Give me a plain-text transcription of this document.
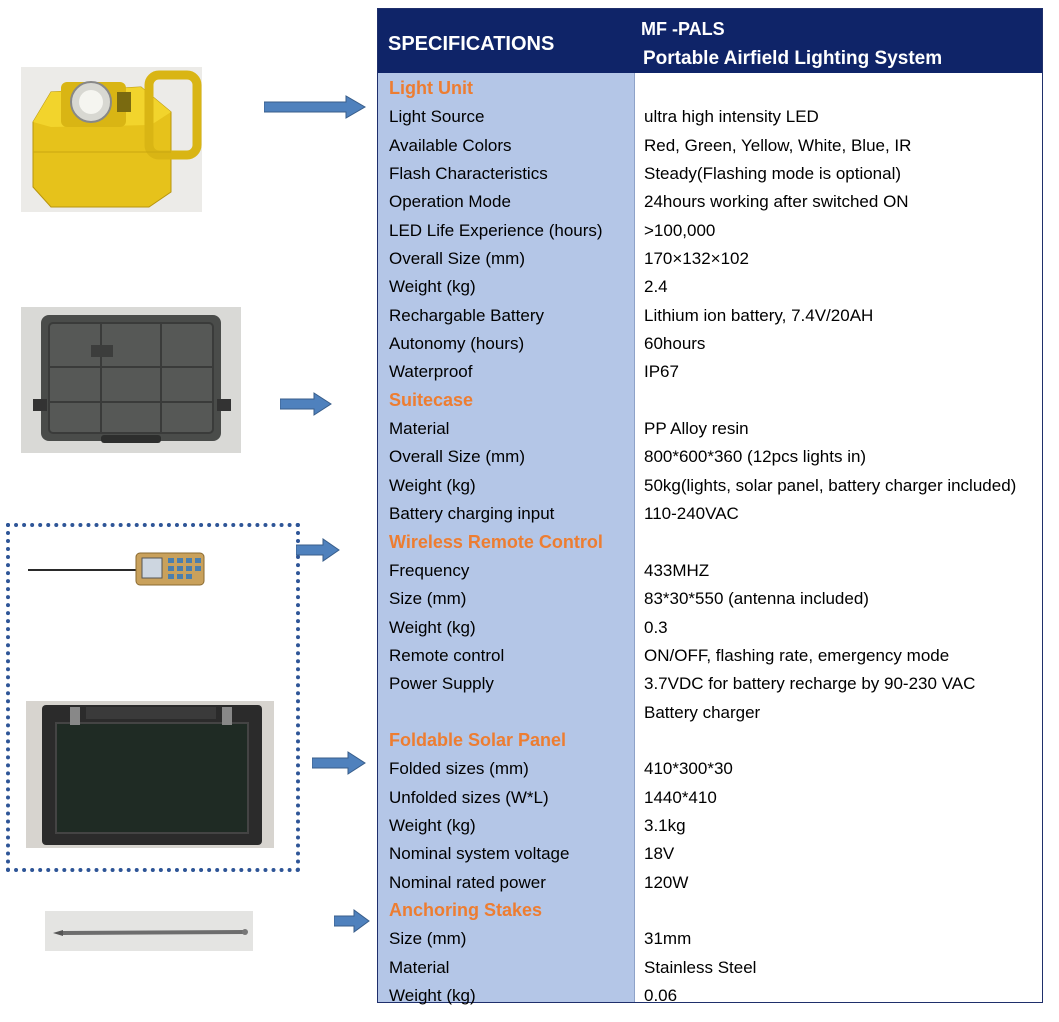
SPECIFICATIONS
MF -PALS
Portable Airfield Lighting System
Light Unit
Light Source	ultra high intensity LED
Available Colors	Red, Green, Yellow, White, Blue, IR
Flash Characteristics	Steady(Flashing mode is optional)
Operation Mode	24hours working after switched ON
LED Life Experience (hours) >100,000
Overall Size (mm)	170×132×102
Weight (kg)	2.4
Rechargable Battery	Lithium ion battery, 7.4V/20AH
Autonomy (hours)	60hours
Waterproof	IP67
Suitecase
Material	PP Alloy resin
Overall Size (mm)	800*600*360 (12pcs lights in)
Weight (kg)	50kg(lights, solar panel, battery charger included)
Battery charging input	110-240VAC
Wireless Remote Control
Frequency	433MHZ
Size (mm)	83*30*550 (antenna included)
Weight (kg)	0.3
Remote control	ON/OFF, flashing rate, emergency mode
Power Supply	3.7VDC for battery recharge by 90-230 VAC
Battery charger
Foldable Solar Panel
Folded sizes (mm)	410*300*30
Unfolded sizes (W*L)	1440*410
Weight (kg)	3.1kg
Nominal system voltage	18V
Nominal rated power	120W
Anchoring Stakes
Size (mm)	31mm
Material	Stainless Steel
Weight (kg)	0.06
